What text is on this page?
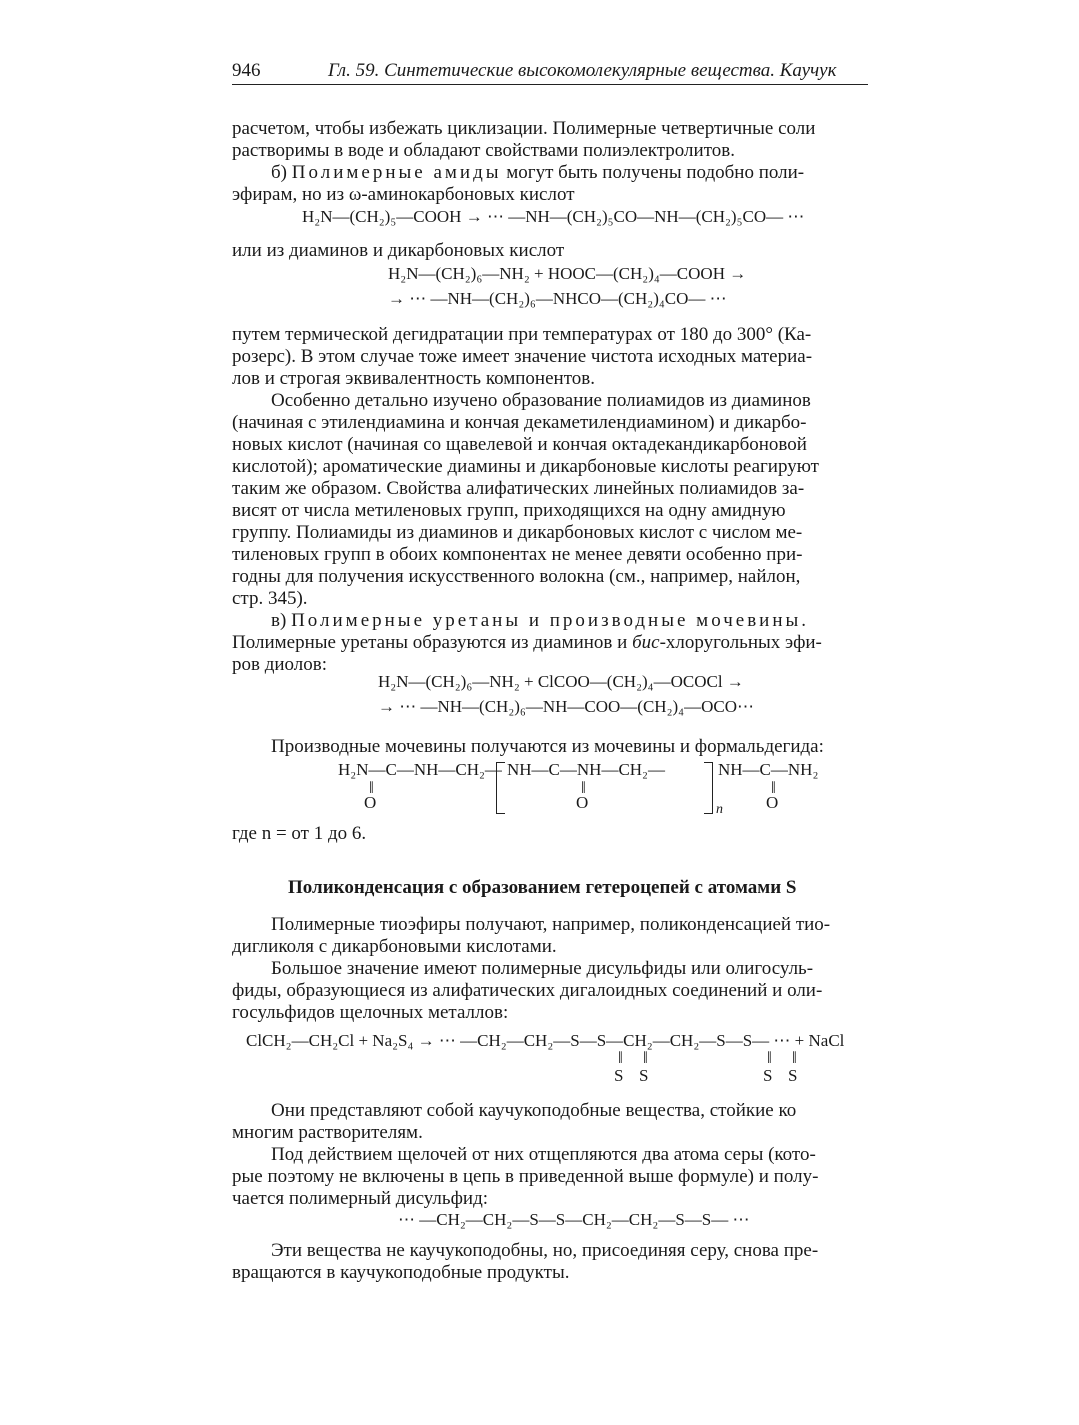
946	Гл. 59. Синтетические высокомолекулярные вещества. Каучук

расчетом, чтобы избежать циклизации. Полимерные четвертичные соли

растворимы в воде и обладают свойствами полиэлектролитов.

б) Полимерные амиды могут быть получены подобно поли-

эфирам, но из ω-аминокарбоновых кислот

H₂N—(CH₂)₅—COOH → ⋯ —NH—(CH₂)₅CO—NH—(CH₂)₅CO— ⋯

или из диаминов и дикарбоновых кислот

H₂N—(CH₂)₆—NH₂ + HOOC—(CH₂)₄—COOH →

→ ⋯ —NH—(CH₂)₆—NHCO—(CH₂)₄CO— ⋯

путем термической дегидратации при температурах от 180 до 300° (Ка-

розерс). В этом случае тоже имеет значение чистота исходных материа-

лов и строгая эквивалентность компонентов.

Особенно детально изучено образование полиамидов из диаминов

(начиная с этилендиамина и кончая декаметилендиамином) и дикарбо-

новых кислот (начиная со щавелевой и кончая октадекандикарбоновой

кислотой); ароматические диамины и дикарбоновые кислоты реагируют

таким же образом. Свойства алифатических линейных полиамидов за-

висят от числа метиленовых групп, приходящихся на одну амидную

группу. Полиамиды из диаминов и дикарбоновых кислот с числом ме-

тиленовых групп в обоих компонентах не менее девяти особенно при-

годны для получения искусственного волокна (см., например, найлон,

стр. 345).

в) Полимерные уретаны и производные мочевины.

Полимерные уретаны образуются из диаминов и бис-хлоругольных эфи-

ров диолов:

H₂N—(CH₂)₆—NH₂ + ClCOO—(CH₂)₄—OCOCl →

→ ⋯ —NH—(CH₂)₆—NH—COO—(CH₂)₄—OCO⋯

Производные мочевины получаются из мочевины и формальдегида:

H₂N—C—NH—CH₂—

‖

O

NH—C—NH—CH₂—

‖

O	n

NH—C—NH₂

‖

O

где n = от 1 до 6.

Поликонденсация с образованием гетероцепей с атомами S

Полимерные тиоэфиры получают, например, поликонденсацией тио-

дигликоля с дикарбоновыми кислотами.

Большое значение имеют полимерные дисульфиды или олигосуль-

фиды, образующиеся из алифатических дигалоидных соединений и оли-

госульфидов щелочных металлов:

ClCH₂—CH₂Cl + Na₂S₄ → ⋯ —CH₂—CH₂—S—S—CH₂—CH₂—S—S— ⋯ + NaCl

‖ ‖	‖ ‖

S S	S S

Они представляют собой каучукоподобные вещества, стойкие ко

многим растворителям.

Под действием щелочей от них отщепляются два атома серы (кото-

рые поэтому не включены в цепь в приведенной выше формуле) и полу-

чается полимерный дисульфид:

⋯ —CH₂—CH₂—S—S—CH₂—CH₂—S—S— ⋯

Эти вещества не каучукоподобны, но, присоединяя серу, снова пре-

вращаются в каучукоподобные продукты.
